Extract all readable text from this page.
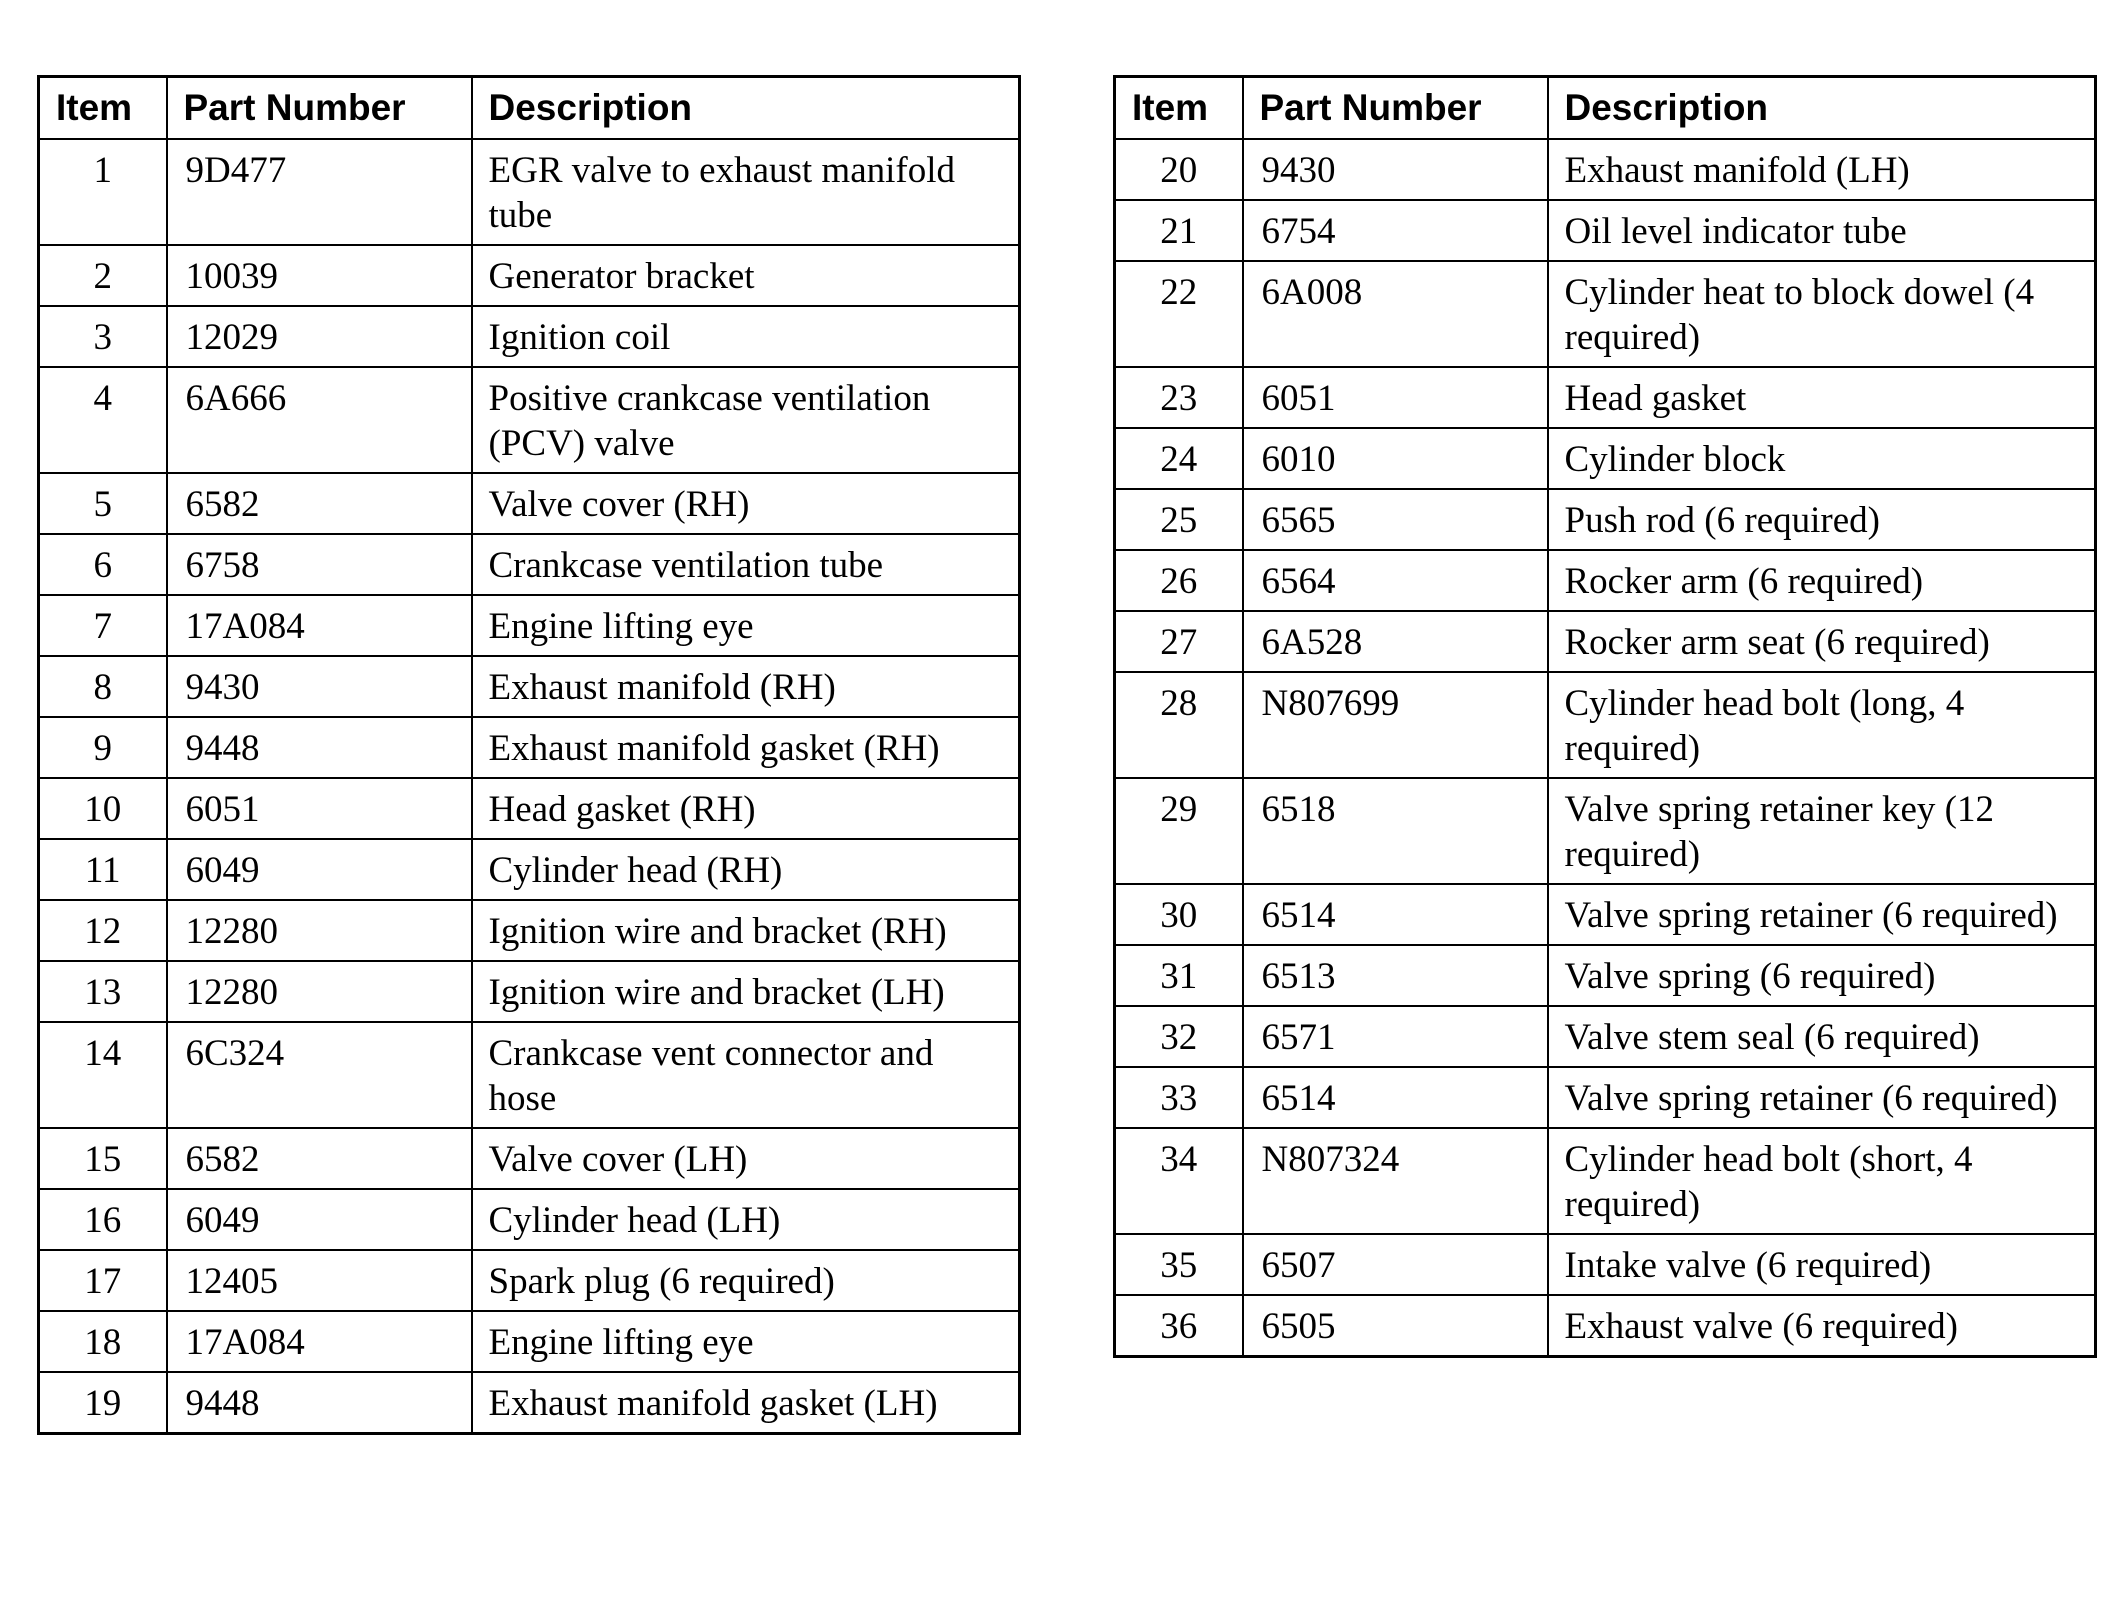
Item	Part Number	Description
1	9D477	EGR valve to exhaust manifold tube
2	10039	Generator bracket
3	12029	Ignition coil
4	6A666	Positive crankcase ventilation (PCV) valve
5	6582	Valve cover (RH)
6	6758	Crankcase ventilation tube
7	17A084	Engine lifting eye
8	9430	Exhaust manifold (RH)
9	9448	Exhaust manifold gasket (RH)
10	6051	Head gasket (RH)
11	6049	Cylinder head (RH)
12	12280	Ignition wire and bracket (RH)
13	12280	Ignition wire and bracket (LH)
14	6C324	Crankcase vent connector and hose
15	6582	Valve cover (LH)
16	6049	Cylinder head (LH)
17	12405	Spark plug (6 required)
18	17A084	Engine lifting eye
19	9448	Exhaust manifold gasket (LH)
Item	Part Number	Description
20	9430	Exhaust manifold (LH)
21	6754	Oil level indicator tube
22	6A008	Cylinder heat to block dowel (4 required)
23	6051	Head gasket
24	6010	Cylinder block
25	6565	Push rod (6 required)
26	6564	Rocker arm (6 required)
27	6A528	Rocker arm seat (6 required)
28	N807699	Cylinder head bolt (long, 4 required)
29	6518	Valve spring retainer key (12 required)
30	6514	Valve spring retainer (6 required)
31	6513	Valve spring (6 required)
32	6571	Valve stem seal (6 required)
33	6514	Valve spring retainer (6 required)
34	N807324	Cylinder head bolt (short, 4 required)
35	6507	Intake valve (6 required)
36	6505	Exhaust valve (6 required)
